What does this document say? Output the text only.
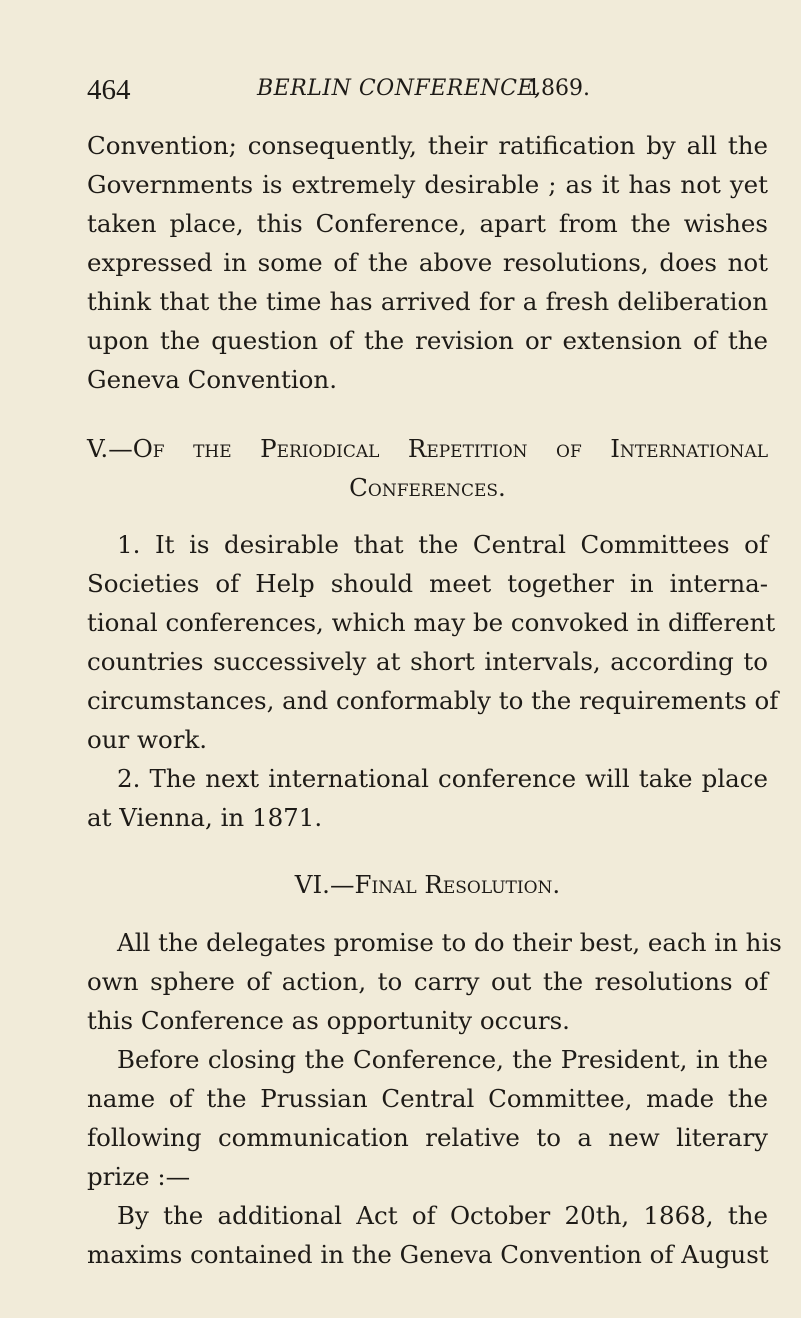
464	BERLIN CONFERENCE,
1869.
Convention; consequently, their ratification by all the
Governments is extremely desirable ; as it has not yet
taken place, this Conference, apart from the wishes
expressed in some of the above resolutions, does not
think that the time has arrived for a fresh deliberation
upon the question of the revision or extension of the
Geneva Convention.
V.—Of the Periodical Repetition of International
Conferences.
1. It is desirable that the Central Committees of
Societies of Help should meet together in interna-
tional conferences, which may be convoked in different
countries successively at short intervals, according to
circumstances, and conformably to the requirements of
our work.
2. The next international conference will take place
at Vienna, in 1871.
VI.—Final Resolution.
All the delegates promise to do their best, each in his
own sphere of action, to carry out the resolutions of
this Conference as opportunity occurs.
Before closing the Conference, the President, in the
name of the Prussian Central Committee, made the
following communication relative to a new literary
prize :—
By the additional Act of October 20th, 1868, the
maxims contained in the Geneva Convention of August
